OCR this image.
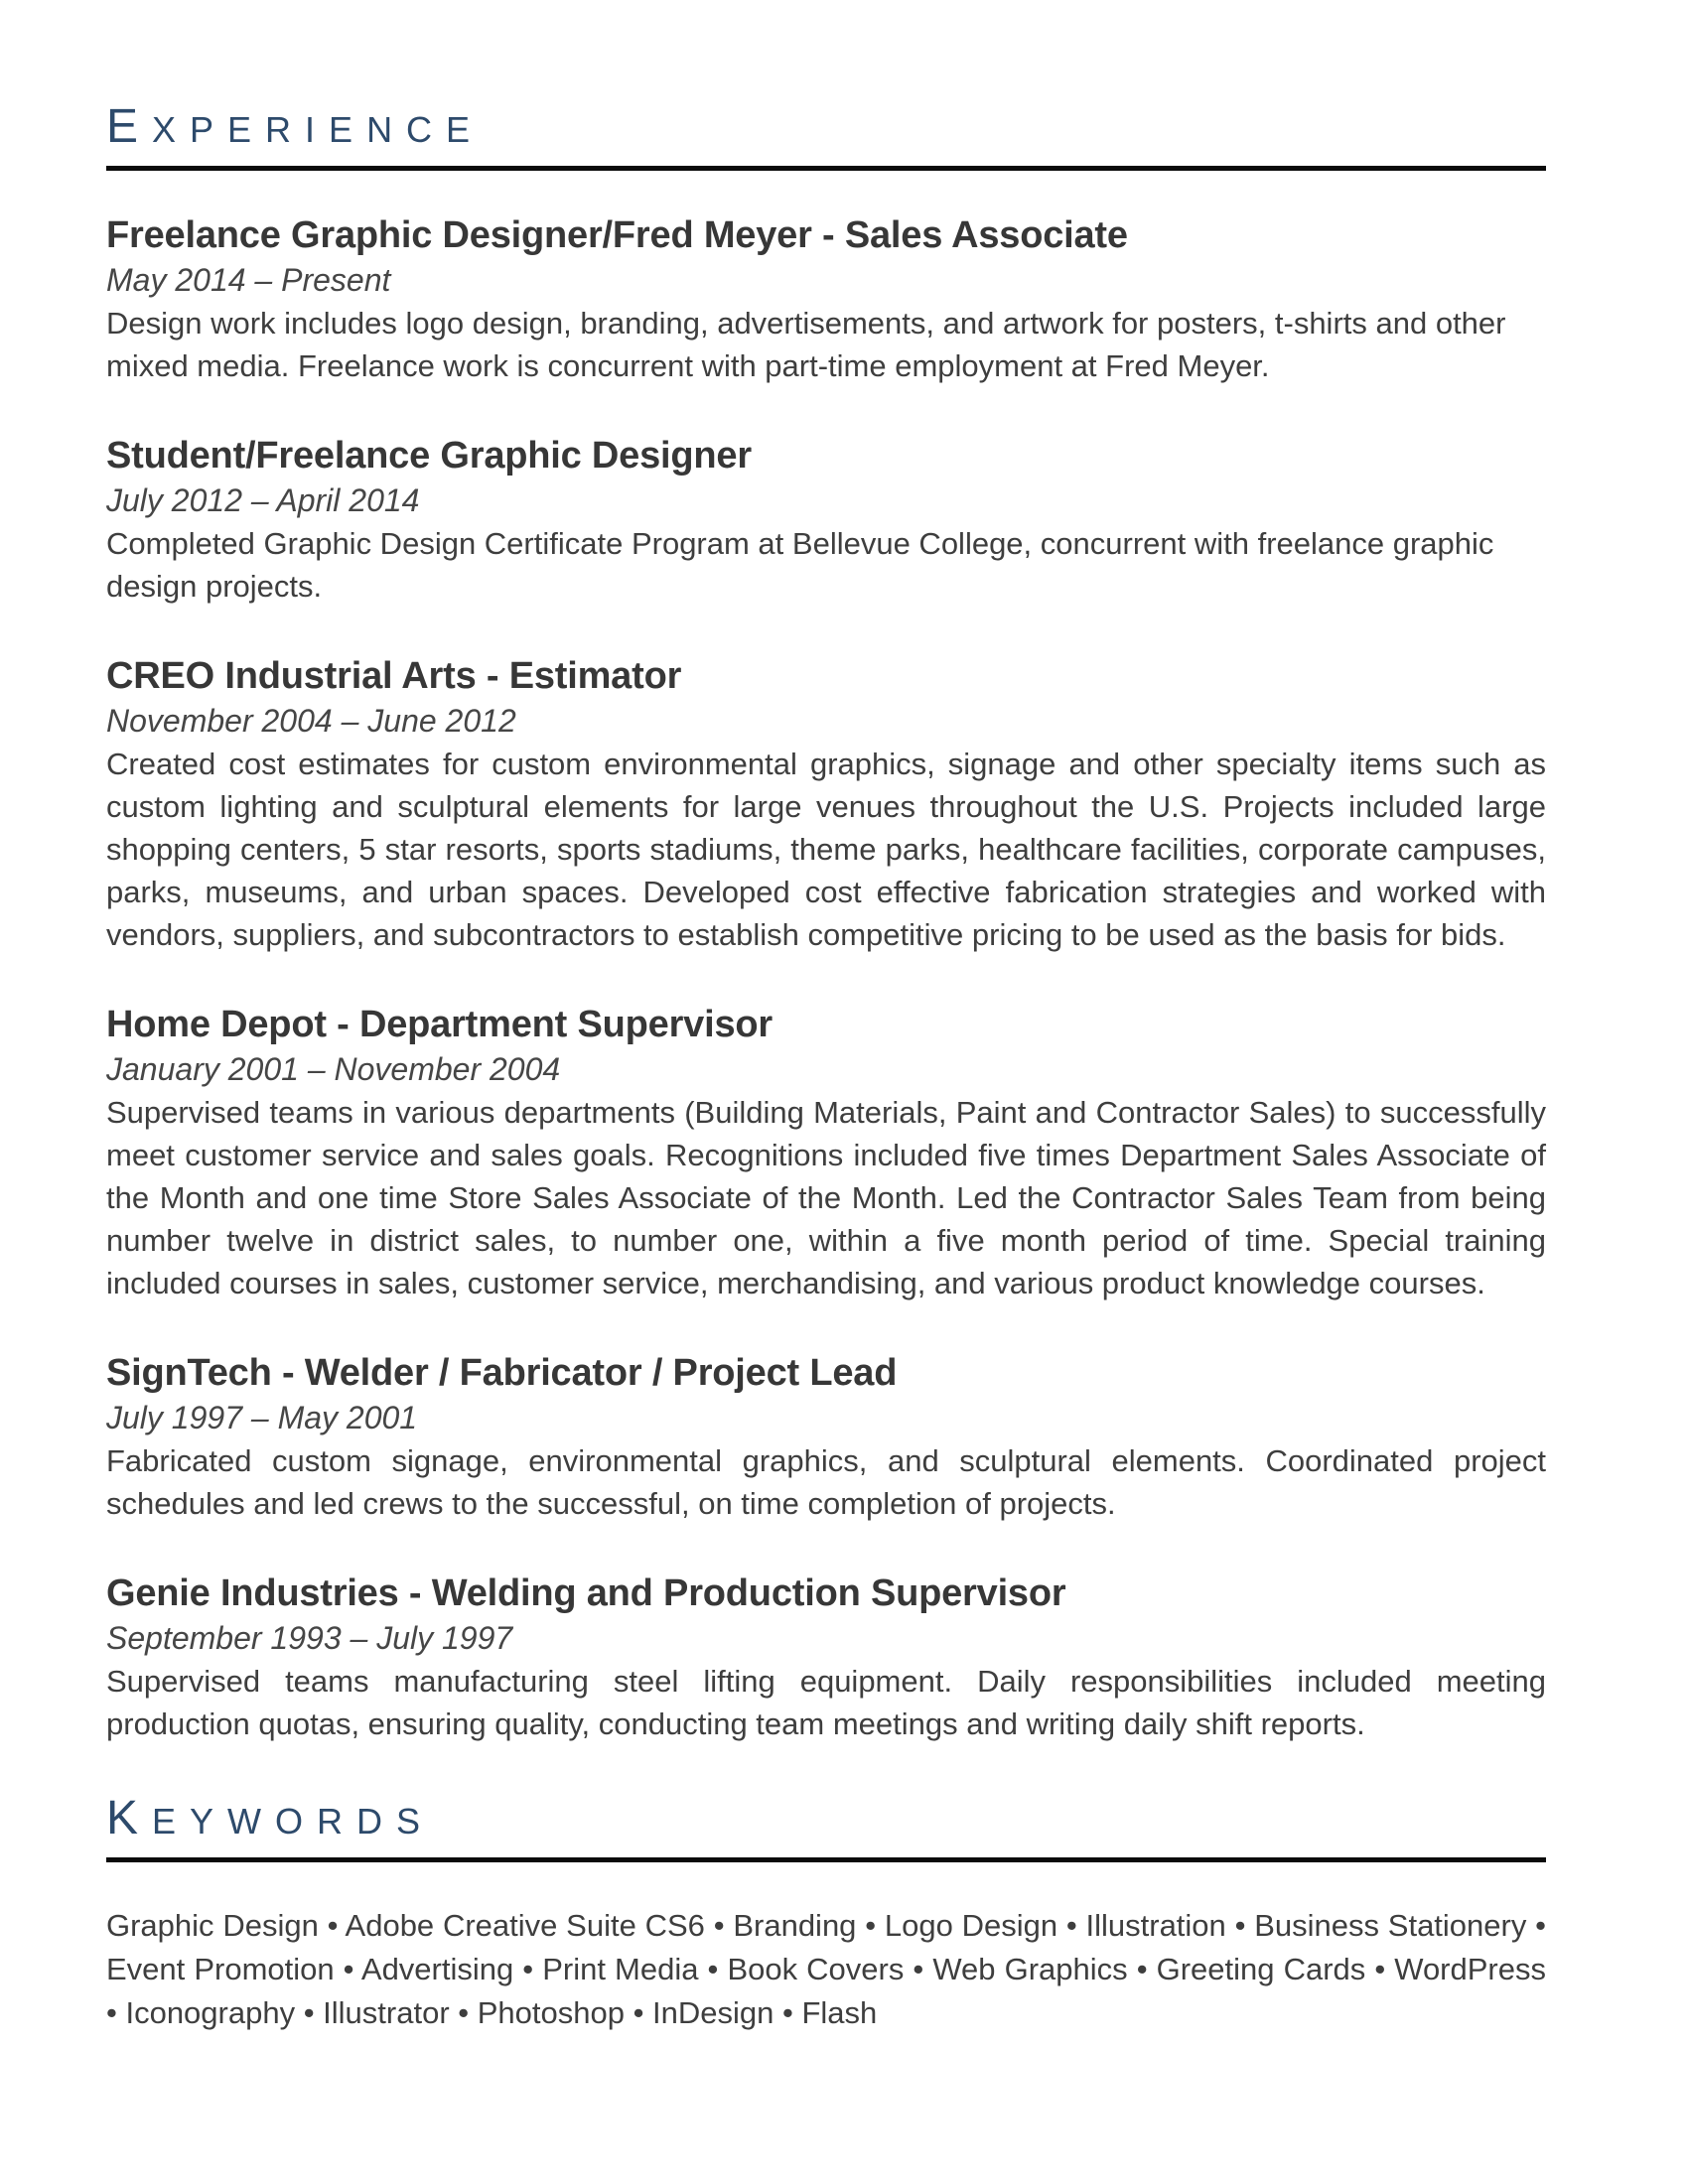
EXPERIENCE
Freelance Graphic Designer/Fred Meyer - Sales Associate
May 2014 – Present

Design work includes logo design, branding, advertisements, and artwork for posters, t-shirts and other mixed media. Freelance work is concurrent with part-time employment at Fred Meyer.

Student/Freelance Graphic Designer
July 2012 – April 2014

Completed Graphic Design Certificate Program at Bellevue College, concurrent with freelance graphic design projects.

CREO Industrial Arts - Estimator
November 2004 – June 2012

Created cost estimates for custom environmental graphics, signage and other specialty items such as custom lighting and sculptural elements for large venues throughout the U.S. Projects included large shopping centers, 5 star resorts, sports stadiums, theme parks, healthcare facilities, corporate campuses, parks, museums, and urban spaces. Developed cost effective fabrication strategies and worked with vendors, suppliers, and subcontractors to establish competitive pricing to be used as the basis for bids.

Home Depot - Department Supervisor
January 2001 – November 2004

Supervised teams in various departments (Building Materials, Paint and Contractor Sales) to successfully meet customer service and sales goals. Recognitions included five times Department Sales Associate of the Month and one time Store Sales Associate of the Month. Led the Contractor Sales Team from being number twelve in district sales, to number one, within a five month period of time. Special training included courses in sales, customer service, merchandising, and various product knowledge courses.

SignTech - Welder / Fabricator / Project Lead
July 1997 – May 2001

Fabricated custom signage, environmental graphics, and sculptural elements. Coordinated project schedules and led crews to the successful, on time completion of projects.

Genie Industries - Welding and Production Supervisor
September 1993 – July 1997

Supervised teams manufacturing steel lifting equipment. Daily responsibilities included meeting production quotas, ensuring quality, conducting team meetings and writing daily shift reports.

KEYWORDS

Graphic Design • Adobe Creative Suite CS6 • Branding • Logo Design • Illustration • Business Stationery • Event Promotion • Advertising • Print Media • Book Covers • Web Graphics • Greeting Cards • WordPress • Iconography • Illustrator • Photoshop • InDesign • Flash
